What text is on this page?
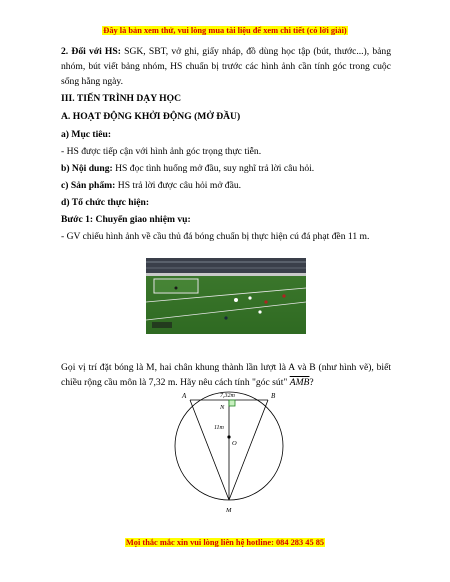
Đây là bản xem thử, vui lòng mua tài liệu để xem chi tiết (có lời giải)

2. Đối với HS: SGK, SBT, vở ghi, giấy nháp, đồ dùng học tập (bút, thước...), bảng nhóm, bút viết bảng nhóm, HS chuẩn bị trước các hình ảnh cần tính góc trong cuộc sống hằng ngày.

III. TIẾN TRÌNH DẠY HỌC

A. HOẠT ĐỘNG KHỞI ĐỘNG (MỞ ĐẦU)

a) Mục tiêu:

- HS được tiếp cận với hình ảnh góc trọng thực tiễn.

b) Nội dung: HS đọc tình huống mở đầu, suy nghĩ trả lời câu hỏi.

c) Sản phẩm: HS trả lời được câu hỏi mở đầu.

d) Tổ chức thực hiện:

Bước 1: Chuyển giao nhiệm vụ:

- GV chiếu hình ảnh về cầu thủ đá bóng chuẩn bị thực hiện cú đá phạt đền 11 m.

Gọi vị trí đặt bóng là M, hai chân khung thành lần lượt là A và B (như hình vẽ), biết chiều rộng cầu môn là 7,32 m. Hãy nêu cách tính "góc sút" $\overline{AMB}$?

A	B
N
O
M
7,32m
11m
Mọi thắc mắc xin vui lòng liên hệ hotline: 084 283 45 85
